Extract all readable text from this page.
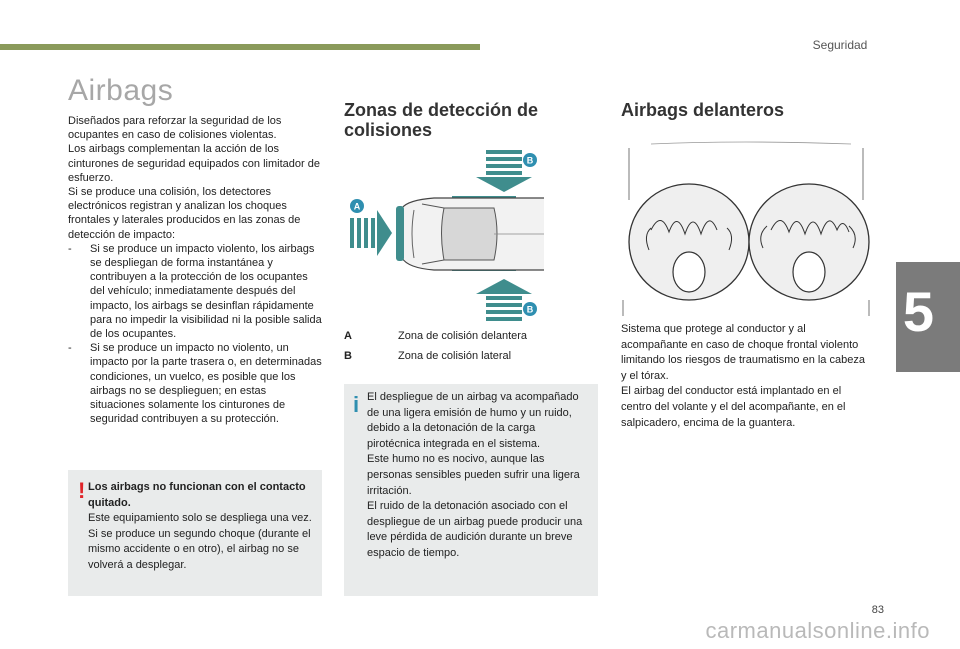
Seguridad
5
83
carmanualsonline.info
Airbags
Diseñados para reforzar la seguridad de los ocupantes en caso de colisiones violentas.
Los airbags complementan la acción de los cinturones de seguridad equipados con limitador de esfuerzo.
Si se produce una colisión, los detectores electrónicos registran y analizan los choques frontales y laterales producidos en las zonas de detección de impacto:
- Si se produce un impacto violento, los airbags se despliegan de forma instantánea y contribuyen a la protección de los ocupantes del vehículo; inmediatamente después del impacto, los airbags se desinflan rápidamente para no impedir la visibilidad ni la posible salida de los ocupantes.
- Si se produce un impacto no violento, un impacto por la parte trasera o, en determinadas condiciones, un vuelco, es posible que los airbags no se desplieguen; en estas situaciones solamente los cinturones de seguridad contribuyen a su protección.
! Los airbags no funcionan con el contacto quitado.
Este equipamiento solo se despliega una vez. Si se produce un segundo choque (durante el mismo accidente o en otro), el airbag no se volverá a desplegar.
Zonas de detección de colisiones
B
A
B
A	Zona de colisión delantera
B	Zona de colisión lateral
i El despliegue de un airbag va acompañado de una ligera emisión de humo y un ruido, debido a la detonación de la carga pirotécnica integrada en el sistema.
Este humo no es nocivo, aunque las personas sensibles pueden sufrir una ligera irritación.
El ruido de la detonación asociado con el despliegue de un airbag puede producir una leve pérdida de audición durante un breve espacio de tiempo.
Airbags delanteros
Sistema que protege al conductor y al acompañante en caso de choque frontal violento limitando los riesgos de traumatismo en la cabeza y el tórax.
El airbag del conductor está implantado en el centro del volante y el del acompañante, en el salpicadero, encima de la guantera.
